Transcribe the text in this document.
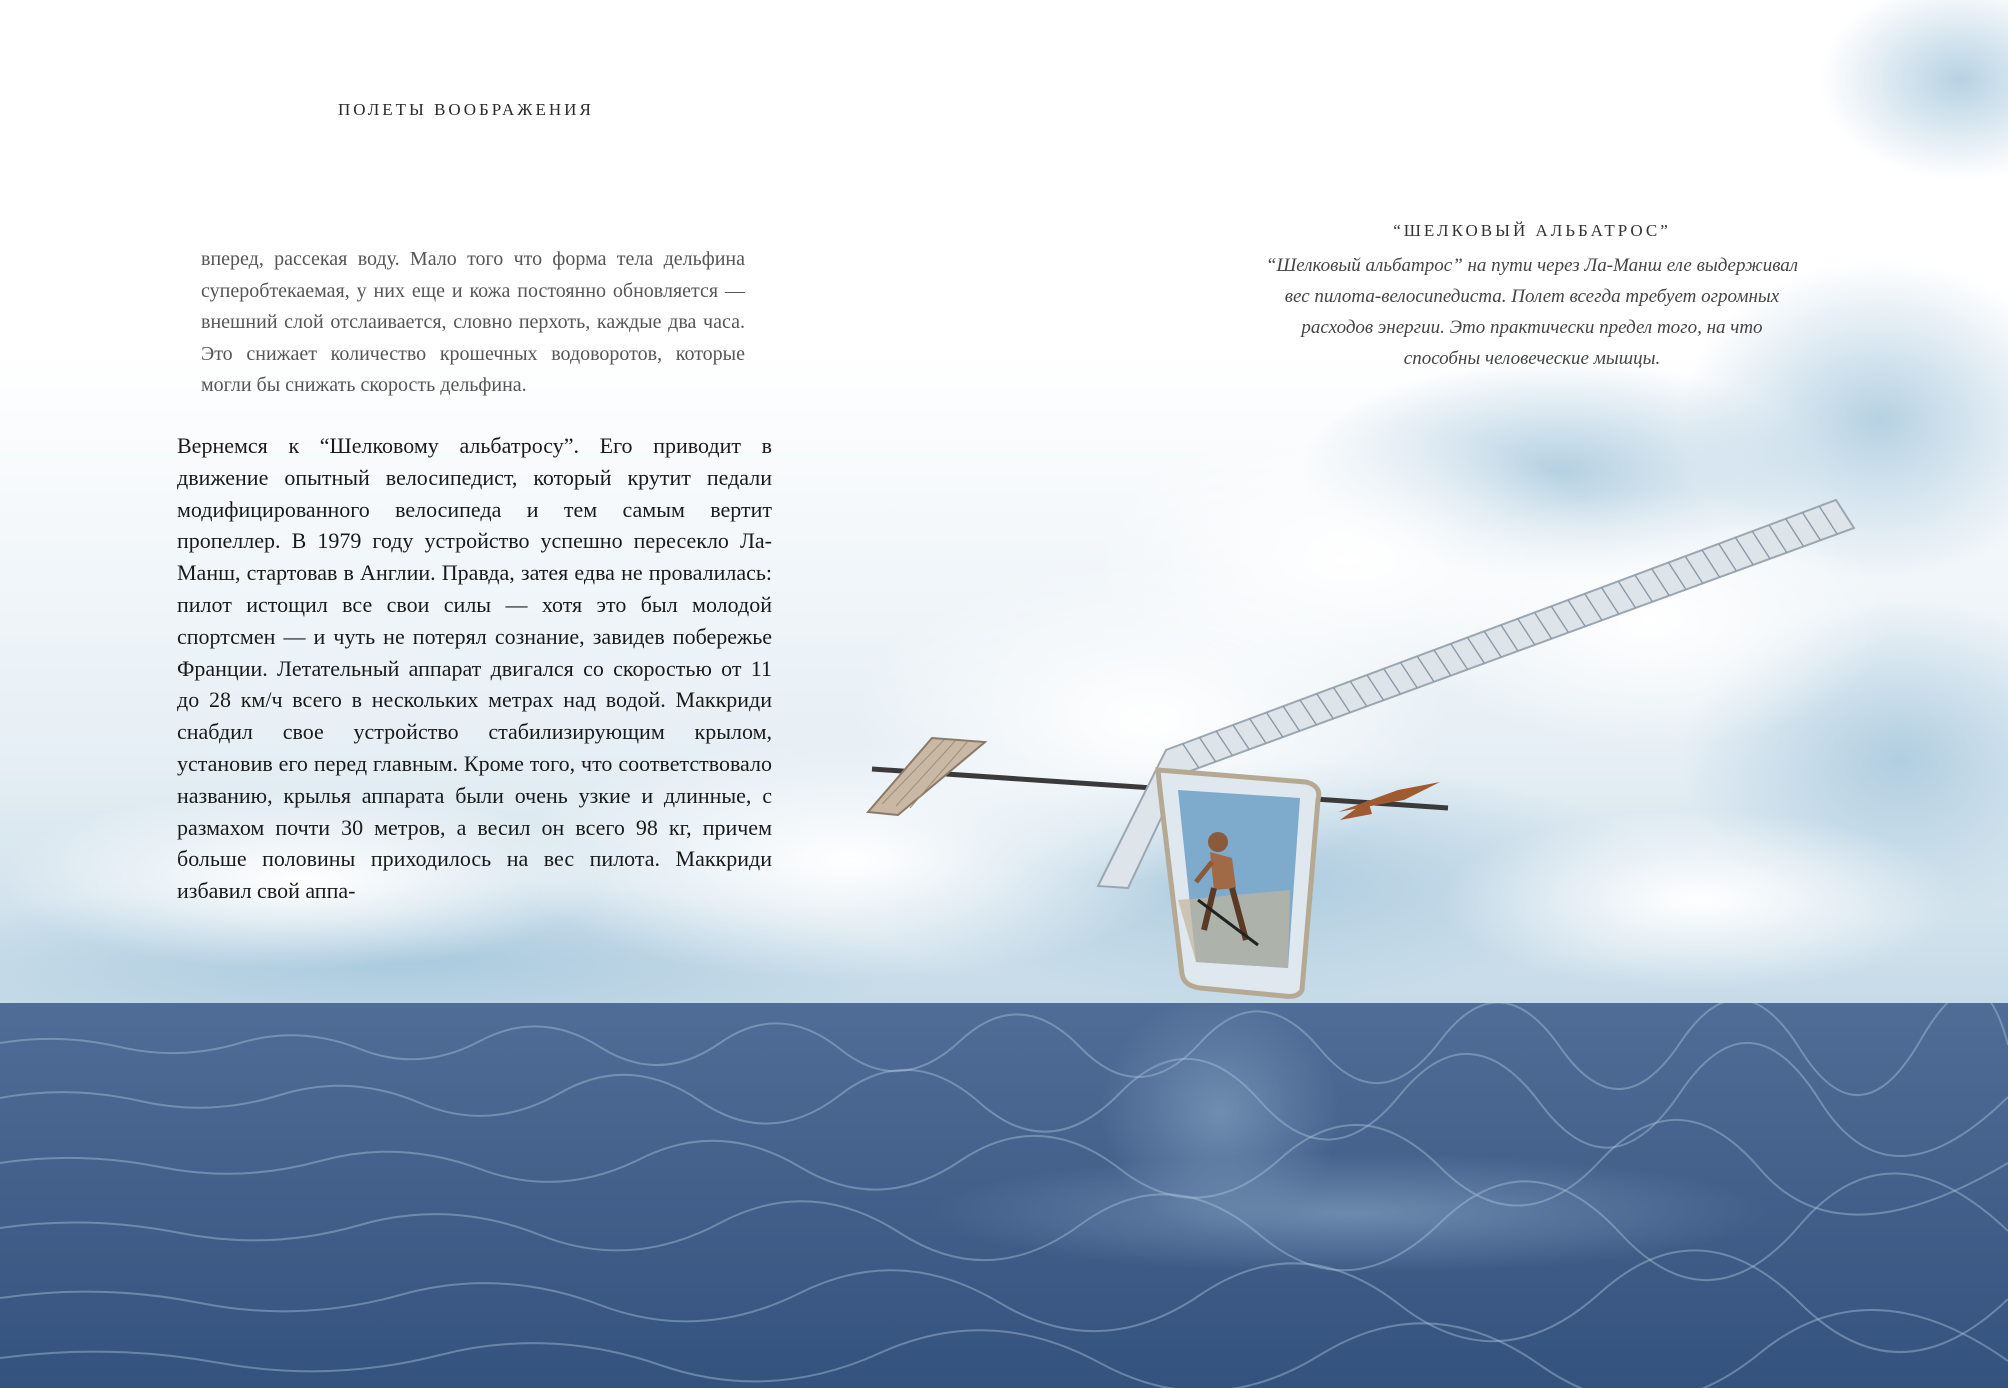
ПОЛЕТЫ ВООБРАЖЕНИЯ

вперед, рассекая воду. Мало того что форма тела дельфина суперобтекаемая, у них еще и кожа постоянно обновляется — внешний слой отслаивается, словно перхоть, каждые два часа. Это снижает количество крошечных водоворотов, которые могли бы снижать скорость дельфина.

Вернемся к “Шелковому альбатросу”. Его приводит в движение опытный велосипедист, который крутит педали модифицированного велосипеда и тем самым вертит пропеллер. В 1979 году устройство успешно пересекло Ла-Манш, стартовав в Англии. Правда, затея едва не провалилась: пилот истощил все свои силы — хотя это был молодой спортсмен — и чуть не потерял сознание, завидев побережье Франции. Летательный аппарат двигался со скоростью от 11 до 28 км/ч всего в нескольких метрах над водой. Маккриди снабдил свое устройство стабилизирующим крылом, установив его перед главным. Кроме того, что соответствовало названию, крылья аппарата были очень узкие и длинные, с размахом почти 30 метров, а весил он всего 98 кг, причем больше половины приходилось на вес пилота. Маккриди избавил свой аппа-

“ШЕЛКОВЫЙ АЛЬБАТРОС”
“Шелковый альбатрос” на пути через Ла-Манш еле выдерживал вес пилота-велосипедиста. Полет всегда требует огромных расходов энергии. Это практически предел того, на что способны человеческие мышцы.
